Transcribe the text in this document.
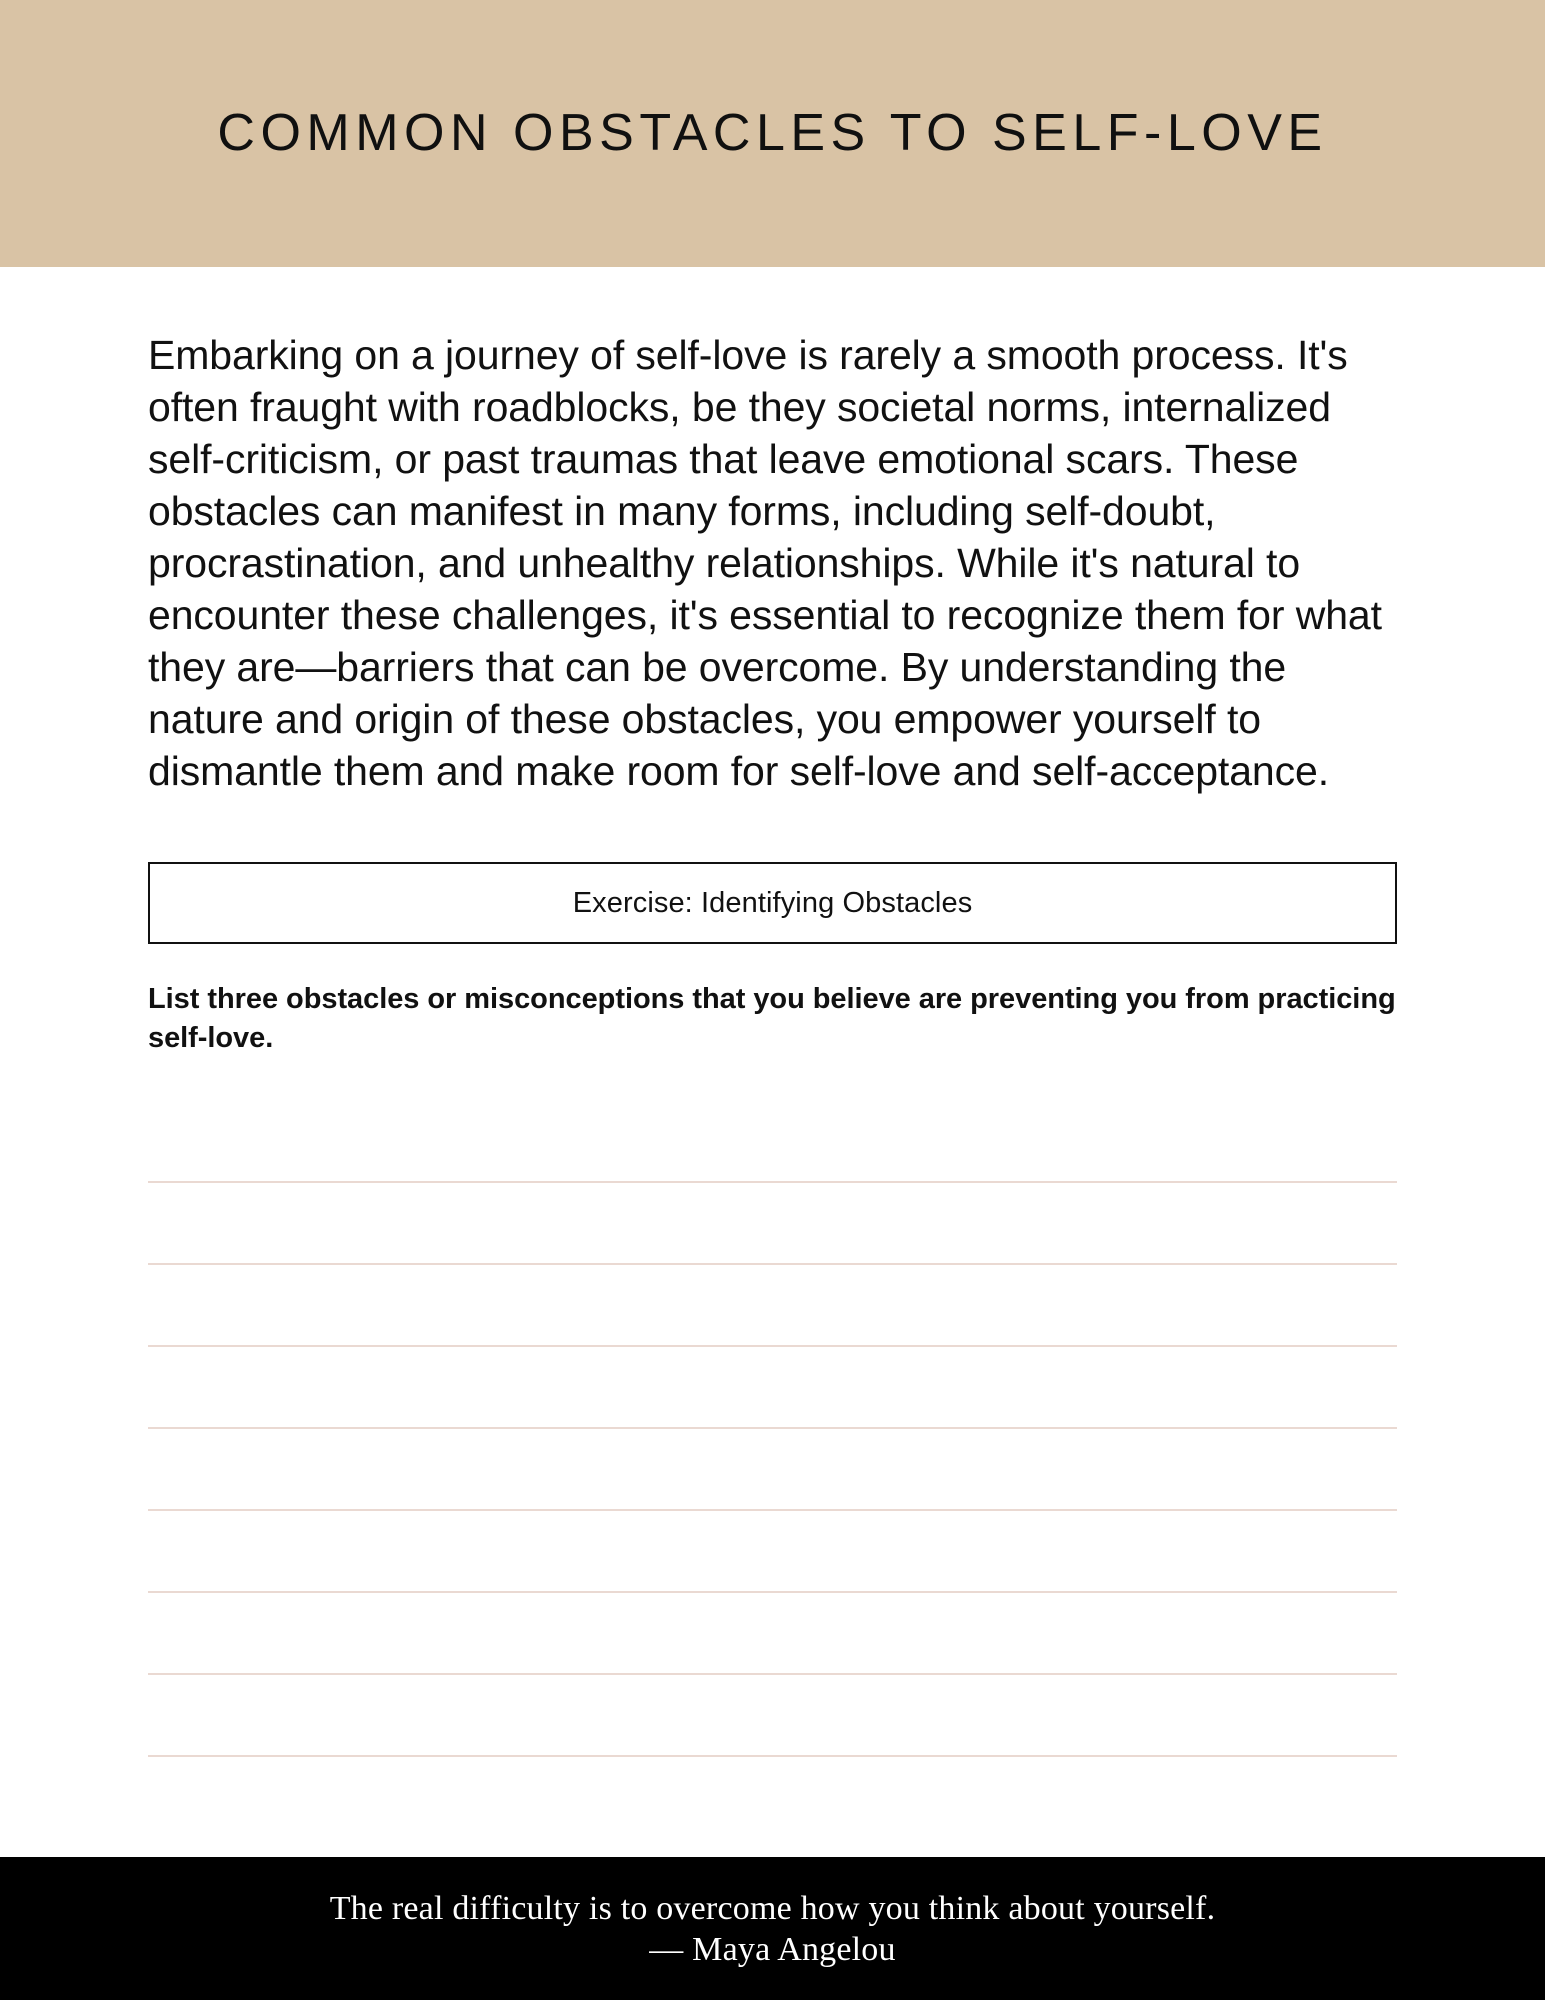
COMMON OBSTACLES TO SELF-LOVE

Embarking on a journey of self-love is rarely a smooth process. It's often fraught with roadblocks, be they societal norms, internalized self-criticism, or past traumas that leave emotional scars. These obstacles can manifest in many forms, including self-doubt, procrastination, and unhealthy relationships. While it's natural to encounter these challenges, it's essential to recognize them for what they are—barriers that can be overcome. By understanding the nature and origin of these obstacles, you empower yourself to dismantle them and make room for self-love and self-acceptance.

Exercise: Identifying Obstacles

List three obstacles or misconceptions that you believe are preventing you from practicing self-love.

The real difficulty is to overcome how you think about yourself.
— Maya Angelou
